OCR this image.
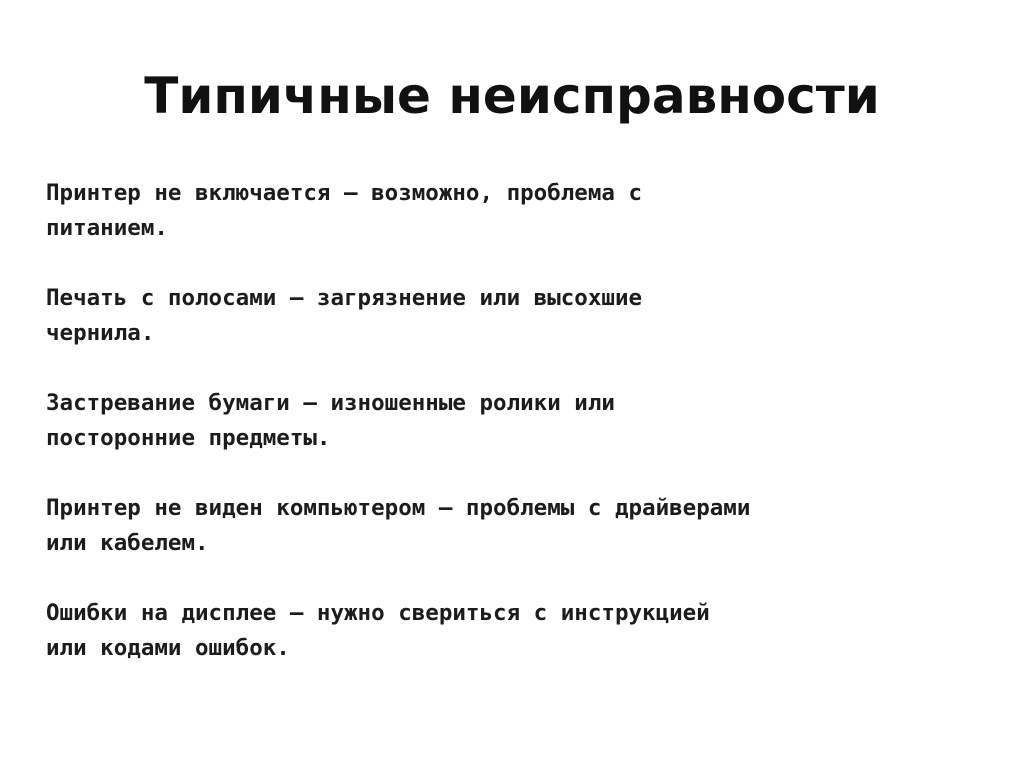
Типичные неисправности

Принтер не включается — возможно, проблема с
питанием.

Печать с полосами — загрязнение или высохшие
чернила.

Застревание бумаги — изношенные ролики или
посторонние предметы.

Принтер не виден компьютером — проблемы с драйверами
или кабелем.

Ошибки на дисплее — нужно свериться с инструкцией
или кодами ошибок.
